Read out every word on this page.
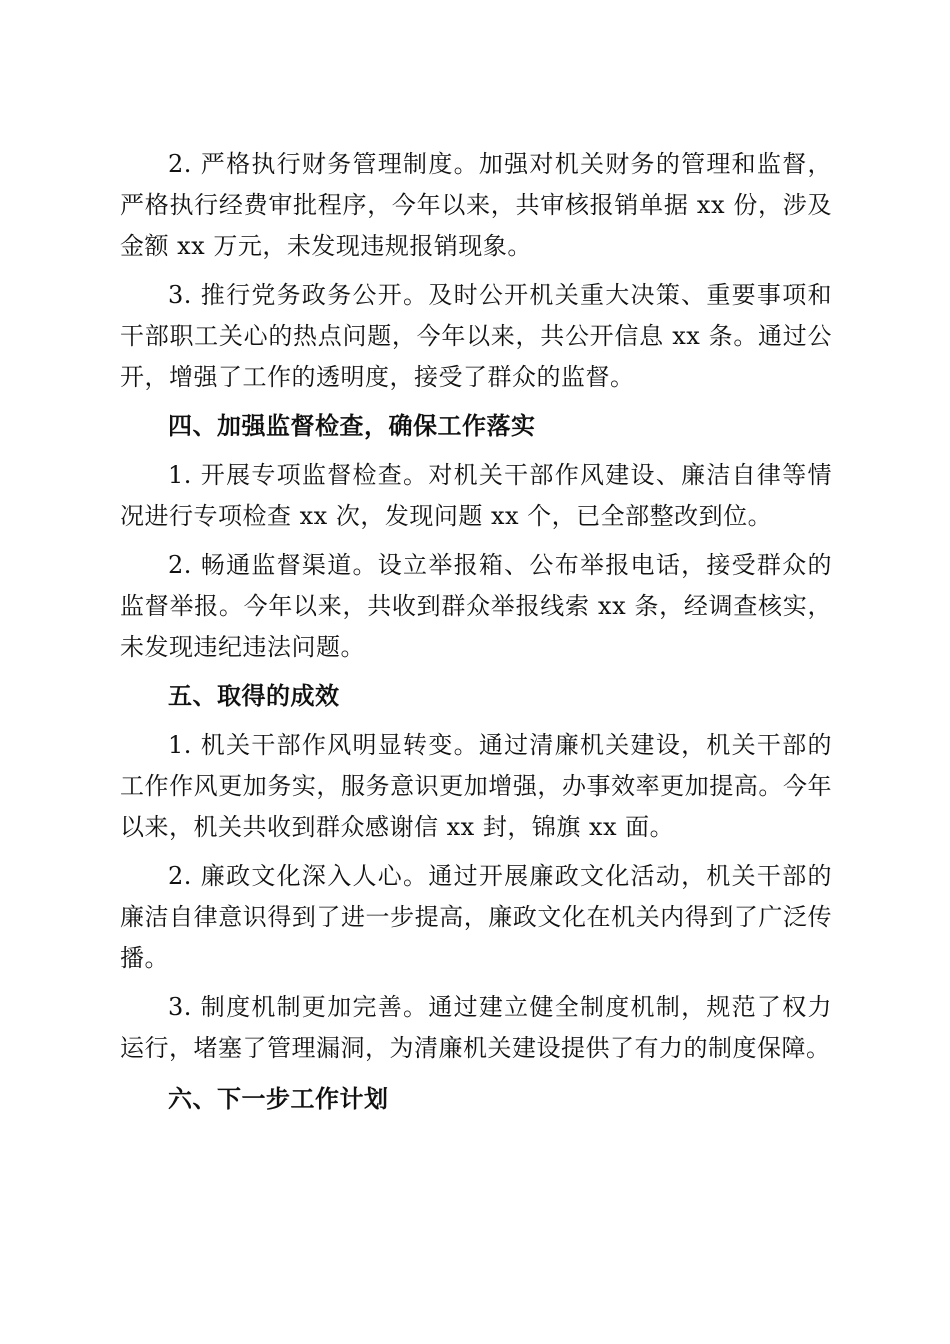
2. 严格执行财务管理制度。加强对机关财务的管理和监督，严格执行经费审批程序，今年以来，共审核报销单据 xx 份，涉及金额 xx 万元，未发现违规报销现象。

3. 推行党务政务公开。及时公开机关重大决策、重要事项和干部职工关心的热点问题，今年以来，共公开信息 xx 条。通过公开，增强了工作的透明度，接受了群众的监督。

四、加强监督检查，确保工作落实

1. 开展专项监督检查。对机关干部作风建设、廉洁自律等情况进行专项检查 xx 次，发现问题 xx 个，已全部整改到位。

2. 畅通监督渠道。设立举报箱、公布举报电话，接受群众的监督举报。今年以来，共收到群众举报线索 xx 条，经调查核实，未发现违纪违法问题。

五、取得的成效

1. 机关干部作风明显转变。通过清廉机关建设，机关干部的工作作风更加务实，服务意识更加增强，办事效率更加提高。今年以来，机关共收到群众感谢信 xx 封，锦旗 xx 面。

2. 廉政文化深入人心。通过开展廉政文化活动，机关干部的廉洁自律意识得到了进一步提高，廉政文化在机关内得到了广泛传播。

3. 制度机制更加完善。通过建立健全制度机制，规范了权力运行，堵塞了管理漏洞，为清廉机关建设提供了有力的制度保障。

六、下一步工作计划
